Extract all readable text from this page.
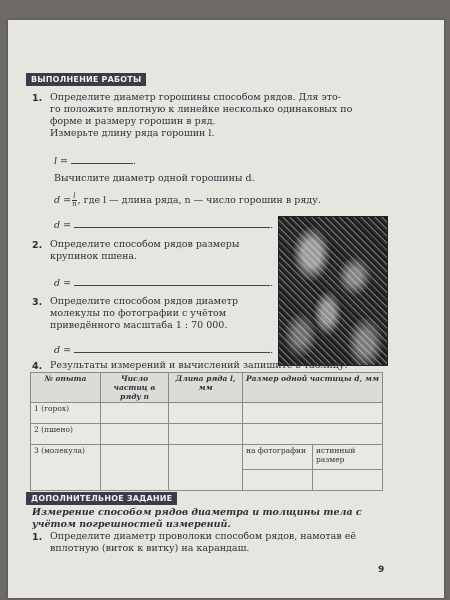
ВЫПОЛНЕНИЕ РАБОТЫ
1. Определите диаметр горошины способом рядов. Для это-
го положите вплотную к линейке несколько одинаковых по
форме и размеру горошин в ряд.
Измерьте длину ряда горошин l.
l =	.
Вычислите диаметр одной горошины d.
$d = \frac{l}{n}$ , где l — длина ряда, n — число горошин в ряду.
d =	.
2. Определите способом рядов размеры
крупинок пшена.
d =	.
3. Определите способом рядов диаметр
молекулы по фотографии с учётом
приведённого масштаба 1 : 70 000.
d =	.
4. Результаты измерений и вычислений запишите в таблицу.
№ опыта	Число частиц в ряду n	Длина ряда l, мм	Размер одной частицы d, мм	
1 (горох)				
2 (пшено)				
3 (молекула)			на фотографии	истинный размер

ДОПОЛНИТЕЛЬНОЕ ЗАДАНИЕ
Измерение способом рядов диаметра и толщины тела с
учётом погрешностей измерений.
1. Определите диаметр проволоки способом рядов, намотав её
вплотную (виток к витку) на карандаш.
9
